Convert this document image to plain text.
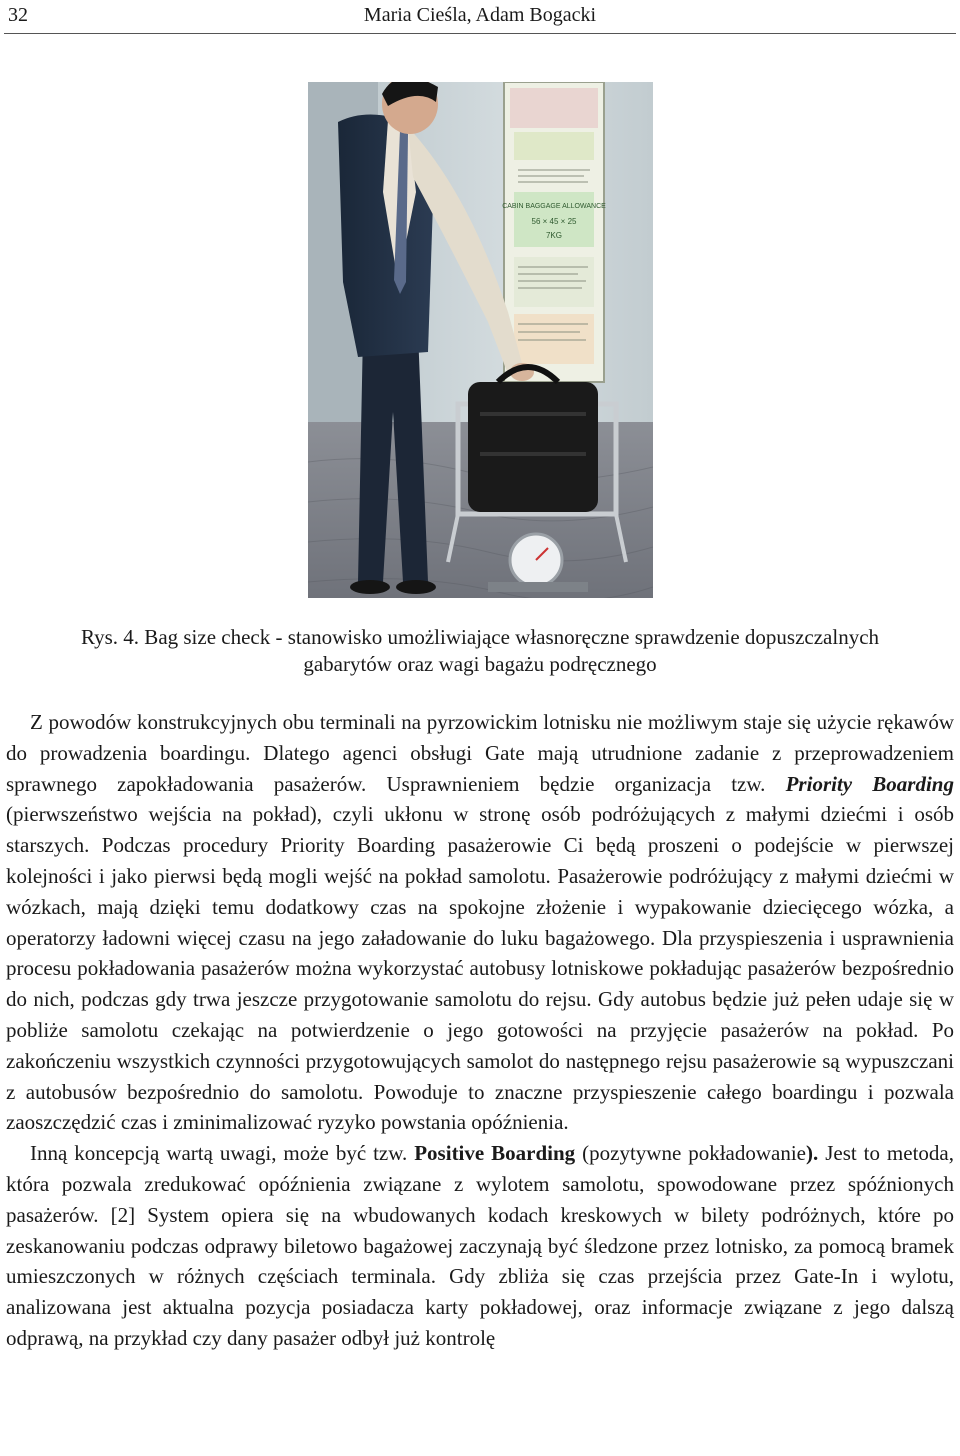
32	Maria Cieśla, Adam Bogacki
CABIN BAGGAGE ALLOWANCE
56 × 45 × 25
7KG
Rys. 4. Bag size check - stanowisko umożliwiające własnoręczne sprawdzenie dopuszczalnych
gabarytów oraz wagi bagażu podręcznego

Z powodów konstrukcyjnych obu terminali na pyrzowickim lotnisku nie możliwym staje się użycie rękawów do prowadzenia boardingu. Dlatego agenci obsługi Gate mają utrudnione zadanie z przeprowadzeniem sprawnego zapokładowania pasażerów. Usprawnieniem będzie organizacja tzw. Priority Boarding (pierwszeństwo wejścia na pokład), czyli ukłonu w stronę osób podróżujących z małymi dziećmi i osób starszych. Podczas procedury Priority Boarding pasażerowie Ci będą proszeni o podejście w pierwszej kolejności i jako pierwsi będą mogli wejść na pokład samolotu. Pasażerowie podróżujący z małymi dziećmi w wózkach, mają dzięki temu dodatkowy czas na spokojne złożenie i wypakowanie dziecięcego wózka, a operatorzy ładowni więcej czasu na jego załadowanie do luku bagażowego. Dla przyspieszenia i usprawnienia procesu pokładowania pasażerów można wykorzystać autobusy lotniskowe pokładując pasażerów bezpośrednio do nich, podczas gdy trwa jeszcze przygotowanie samolotu do rejsu. Gdy autobus będzie już pełen udaje się w pobliże samolotu czekając na potwierdzenie o jego gotowości na przyjęcie pasażerów na pokład. Po zakończeniu wszystkich czynności przygotowujących samolot do następnego rejsu pasażerowie są wypuszczani z autobusów bezpośrednio do samolotu. Powoduje to znaczne przyspieszenie całego boardingu i pozwala zaoszczędzić czas i zminimalizować ryzyko powstania opóźnienia.

Inną koncepcją wartą uwagi, może być tzw. Positive Boarding (pozytywne pokładowanie). Jest to metoda, która pozwala zredukować opóźnienia związane z wylotem samolotu, spowodowane przez spóźnionych pasażerów. [2] System opiera się na wbudowanych kodach kreskowych w bilety podróżnych, które po zeskanowaniu podczas odprawy biletowo bagażowej zaczynają być śledzone przez lotnisko, za pomocą bramek umieszczonych w różnych częściach terminala. Gdy zbliża się czas przejścia przez Gate-In i wylotu, analizowana jest aktualna pozycja posiadacza karty pokładowej, oraz informacje związane z jego dalszą odprawą, na przykład czy dany pasażer odbył już kontrolę
